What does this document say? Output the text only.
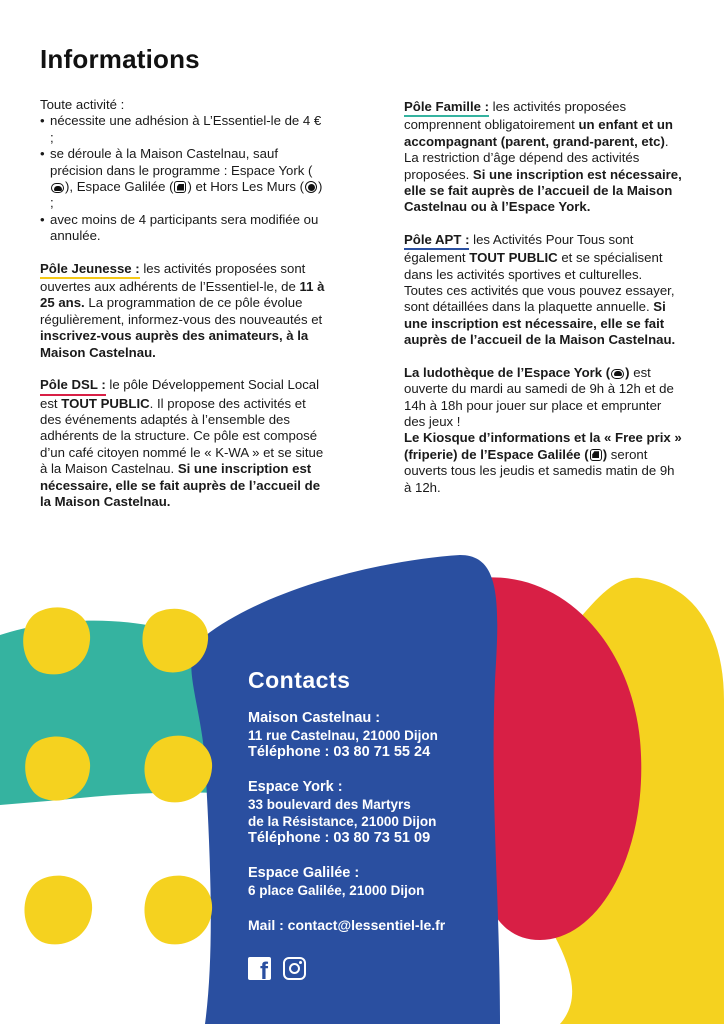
Informations
Toute activité :
• nécessite une adhésion à L’Essentiel-le de 4 € ;
• se déroule à la Maison Castelnau, sauf précision dans le programme : Espace York (
), Espace Galilée ( ) et Hors Les Murs ( ) ;
• avec moins de 4 participants sera modifiée ou annulée.

Pôle Jeunesse : les activités proposées sont ouvertes aux adhérents de l’Essentiel-le, de 11 à 25 ans. La programmation de ce pôle évolue régulièrement, informez-vous des nouveautés et inscrivez-vous auprès des animateurs, à la Maison Castelnau.

Pôle DSL : le pôle Développement Social Local est TOUT PUBLIC. Il propose des activités et des événements adaptés à l’ensemble des adhérents de la structure. Ce pôle est composé d’un café citoyen nommé le « K-WA » et se situe à la Maison Castelnau. Si une inscription est nécessaire, elle se fait auprès de l’accueil de la Maison Castelnau.

Pôle Famille : les activités proposées comprennent obligatoirement un enfant et un accompagnant (parent, grand-parent, etc). La restriction d’âge dépend des activités proposées. Si une inscription est nécessaire, elle se fait auprès de l’accueil de la Maison Castelnau ou à l’Espace York.

Pôle APT : les Activités Pour Tous sont également TOUT PUBLIC et se spécialisent dans les activités sportives et culturelles. Toutes ces activités que vous pouvez essayer, sont détaillées dans la plaquette annuelle. Si une inscription est nécessaire, elle se fait auprès de l’accueil de la Maison Castelnau.

La ludothèque de l’Espace York ( ) est ouverte du mardi au samedi de 9h à 12h et de 14h à 18h pour jouer sur place et emprunter des jeux !

Le Kiosque d’informations et la « Free prix » (friperie) de l’Espace Galilée ( ) seront ouverts tous les jeudis et samedis matin de 9h à 12h.

Contacts
Maison Castelnau :
11 rue Castelnau, 21000 Dijon
Téléphone : 03 80 71 55 24
Espace York :
33 boulevard des Martyrs
de la Résistance, 21000 Dijon
Téléphone : 03 80 73 51 09
Espace Galilée :
6 place Galilée, 21000 Dijon
Mail : contact@lessentiel-le.fr
f
